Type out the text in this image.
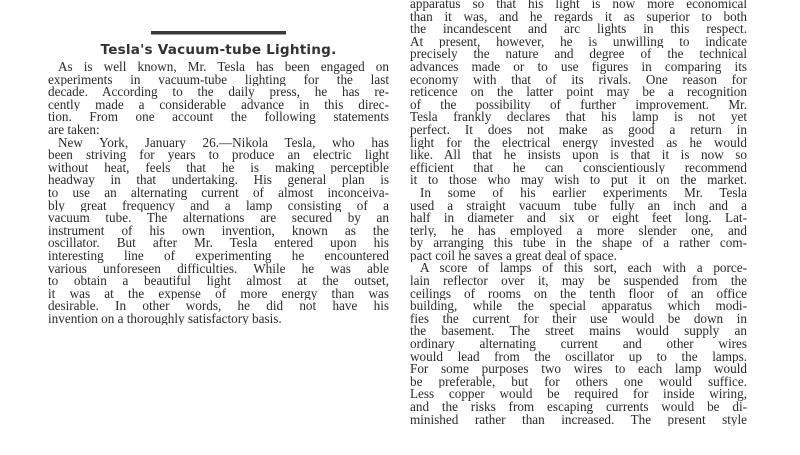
Tesla's Vacuum-tube Lighting.
As is well known, Mr. Tesla has been engaged on
experiments in vacuum-tube lighting for the last
decade. According to the daily press, he has re-
cently made a considerable advance in this direc-
tion. From one account the following statements
are taken:
New York, January 26.—Nikola Tesla, who has
been striving for years to produce an electric light
without heat, feels that he is making perceptible
headway in that undertaking. His general plan is
to use an alternating current of almost inconceiva-
bly great frequency and a lamp consisting of a
vacuum tube. The alternations are secured by an
instrument of his own invention, known as the
oscillator. But after Mr. Tesla entered upon his
interesting line of experimenting he encountered
various unforeseen difficulties. While he was able
to obtain a beautiful light almost at the outset,
it was at the expense of more energy than was
desirable. In other words, he did not have his
invention on a thoroughly satisfactory basis.
apparatus so that his light is now more economical
than it was, and he regards it as superior to both
the incandescent and arc lights in this respect.
At present, however, he is unwilling to indicate
precisely the nature and degree of the technical
advances made or to use figures in comparing its
economy with that of its rivals. One reason for
reticence on the latter point may be a recognition
of the possibility of further improvement. Mr.
Tesla frankly declares that his lamp is not yet
perfect. It does not make as good a return in
light for the electrical energy invested as he would
like. All that he insists upon is that it is now so
efficient that he can conscientiously recommend
it to those who may wish to put it on the market.
In some of his earlier experiments Mr. Tesla
used a straight vacuum tube fully an inch and a
half in diameter and six or eight feet long. Lat-
terly, he has employed a more slender one, and
by arranging this tube in the shape of a rather com-
pact coil he saves a great deal of space.
A score of lamps of this sort, each with a porce-
lain reflector over it, may be suspended from the
ceilings of rooms on the tenth floor of an office
building, while the special apparatus which modi-
fies the current for their use would be down in
the basement. The street mains would supply an
ordinary alternating current and other wires
would lead from the oscillator up to the lamps.
For some purposes two wires to each lamp would
be preferable, but for others one would suffice.
Less copper would be required for inside wiring,
and the risks from escaping currents would be di-
minished rather than increased. The present style
